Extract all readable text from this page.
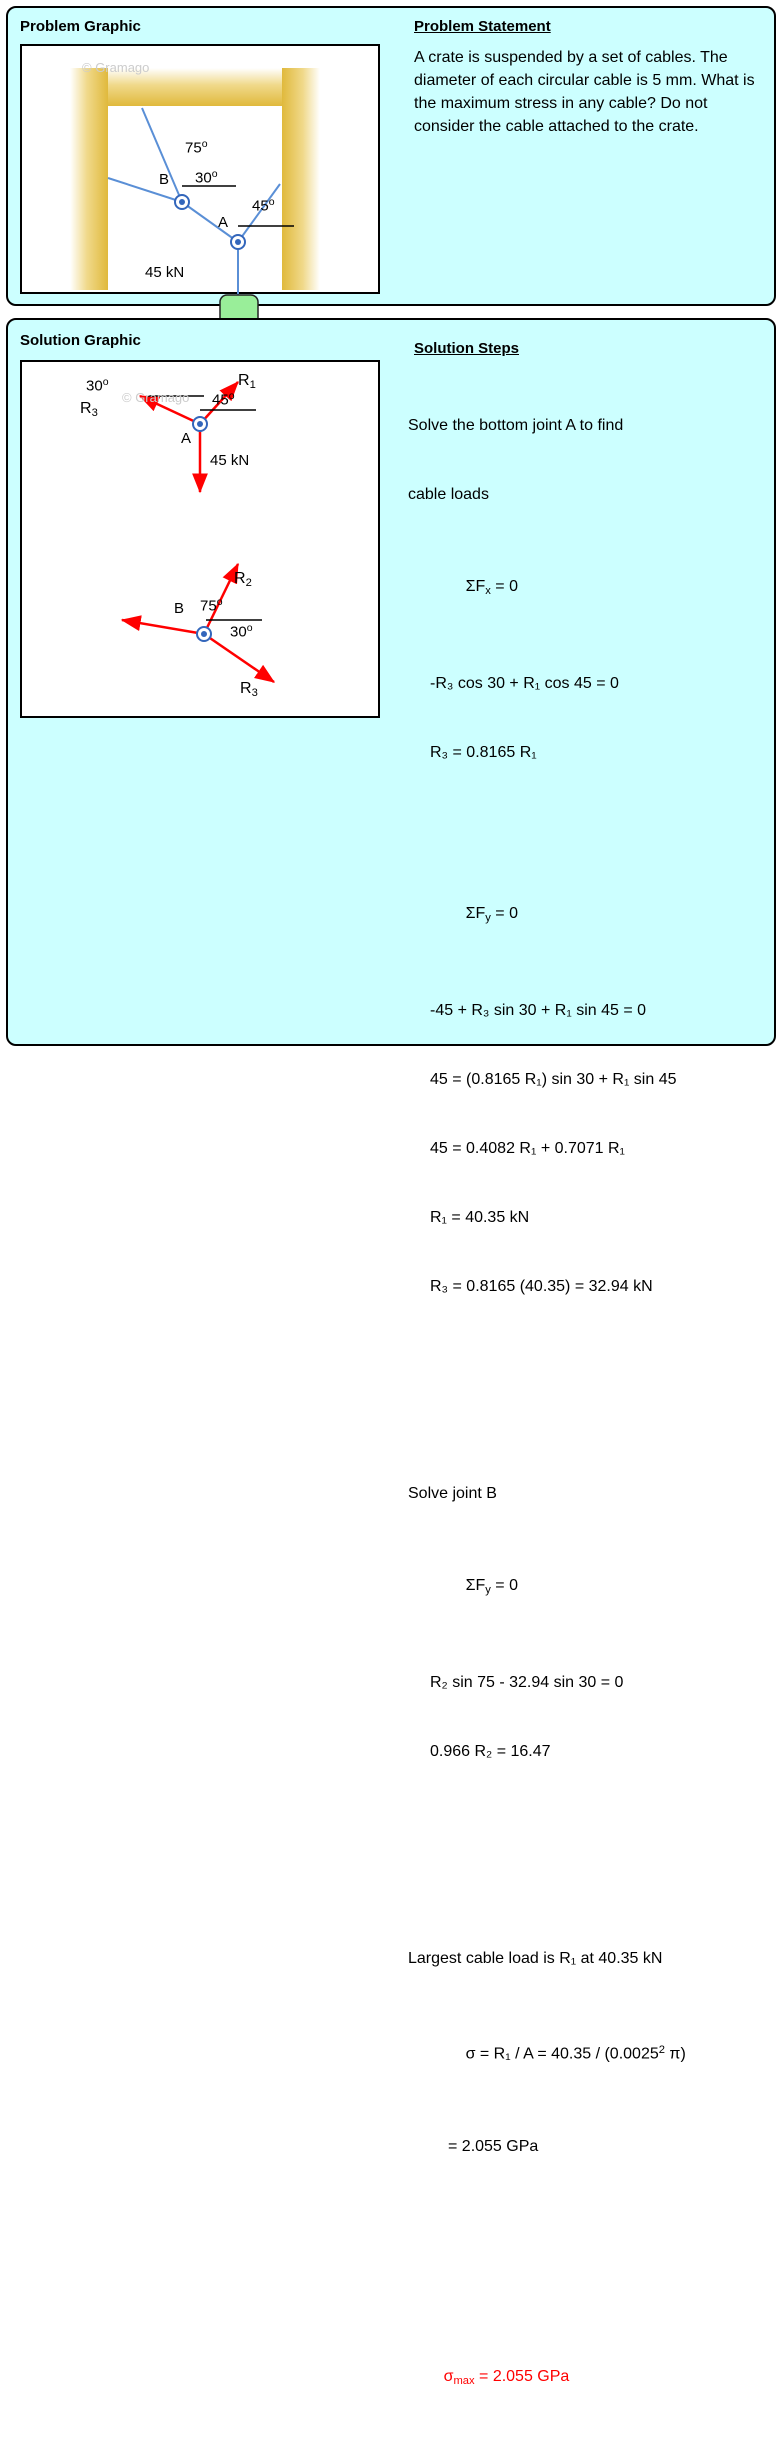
Problem Graphic	Problem Statement
© Gramago
B
75$^o$
30$^o$
A
45$^o$
45 kN
A crate is suspended by a set of cables. The diameter of each circular cable is 5 mm. What is the maximum stress in any cable? Do not consider the cable attached to the crate.
Solution Graphic	Solution Steps
© Gramago
$R_1$
$R_3$
30$^o$
45$^o$
A
45 kN
$R_2$
B 75$^o$
30$^o$
$R_3$

Solve the bottom joint A to find

cable loads

$\Sigma F_x = 0$

-R₃ cos 30 + R₁ cos 45 = 0

R₃ = 0.8165 R₁

$\Sigma F_y = 0$

-45 + R₃ sin 30 + R₁ sin 45 = 0

45 = (0.8165 R₁) sin 30 + R₁ sin 45

45 = 0.4082 R₁ + 0.7071 R₁

R₁ = 40.35 kN

R₃ = 0.8165 (40.35) = 32.94 kN

Solve joint B

$\Sigma F_y = 0$

R₂ sin 75 - 32.94 sin 30 = 0

0.966 R₂ = 16.47

Largest cable load is R₁ at 40.35 kN

σ = R₁ / A = 40.35 / (0.0025$^2$ π)

= 2.055 GPa

$\sigma_{max} = 2.055$ GPa
